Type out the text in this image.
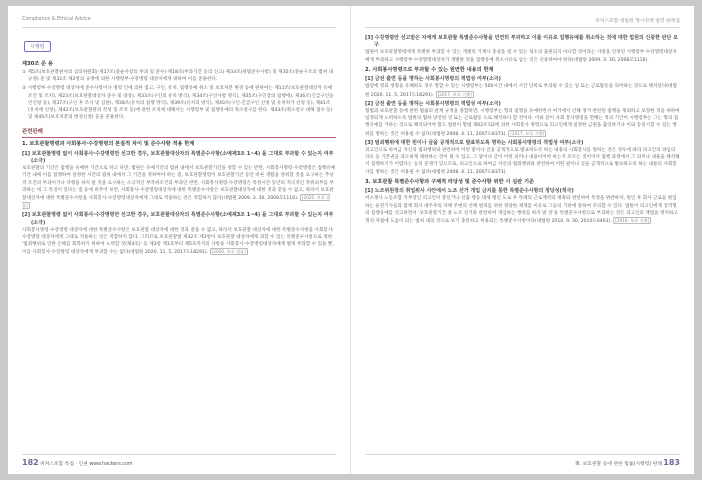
Compliance & Ethical Advice
시행령
제30조 준 용
① 제5조(보호관찰관서의 심의위원회)·제17조(중순사항의 부과 및 준수)·제18조(부과기간 등의 신고)·제33조(위법준수사항) 및 제35조(중순구조의 범위 내 규정) 준 및 제32조 제2항의 규정에 의한 시행령부·수강명령 대상자에게 대하여 이를 준용한다.
② 시행령부·수강명령 대상자에 준수사항이나 명령 인에 의한 접고, 구인, 유치, 집행유예 취소 및 보호처분 변경 등에 관하여는 제11조(보호관찰대상자 유예 조건 및 조치), 제23조(보호관찰대상자 준수 및 대상), 제33조(구인의 유치 방식), 제34조(구인사항 명식), 제35조(구인장의 집행에), 제36조(긴급구인승인신청 등), 제37조(구인 후 조사 및 심판), 제38조(유치의 집행 방식), 제39조(유치의 방식), 제40조(구인·긴급구인 신청 및 유치허가 신청 등), 제41조(유치에 신청), 제42조(보호관찰관의 작성 및 조치 등)에 관한 조치에 대해서는 시행령부 및 집행유예의 취소청구를 한다. 제43조(취소청구 대해 접수 등) 및 제45조(보호처분의 변경신청) 등을 준용한다.
관련판례
1. 보호관찰명령과 사회봉사·수강명령의 본질적 차이 및 준수사항 적용 한계
[1] 보호관찰명령 없이 사회봉사·수강명령만 선고한 경우, 보호관찰대상자의 특별준수사항(소예제3조 1~4) 을 그대로 부과할 수 있는지 여부(소극)
보호관찰의 기간은 집행을 유예한 기간으로 하고 다만, 법원은 유예기간의 범위 내에서 보호관찰기간을 정할 수 있는 반면, 사회봉사명령·수강명령은 집행유예기간 내에 이를 집행하여 일정한 시간의 범위 내에서 그 기간을 정하여야 하는 점, 보호관찰명령이 보호관찰기간 동안 바른 생활을 영위할 것을 요구하는 추상적 조건의 부과이거나 악행을 하지 말 것을 요구하는 소극적인 부작위조건의 부과인 반면, 사회봉사명령·수강명령은 특정시간 동안의 적극적인 작위의무를 부과하는 데 그 특징이 있다는 점 등에 비추어 보면, 사회봉사·수강명령대상자에 대한 특별준수사항은 보호관찰대상자에 대한 것과 같을 수 없고, 따라서 보호관찰대상자에 대한 특별준수사항을 사회봉사·수강명령대상자에게 그대로 적용하는 것은 적합하지 않다(대법원 2009. 3. 30, 2008모1116). [2020. 보호 법률]
[2] 보호관찰명령 없이 사회봉사·수강명령만 선고한 경우, 보호관찰대상자의 특별준수사항(소예제3조 1~4) 을 그대로 부과할 수 있는지 여부(소극)
사회봉사명령·수강명령 대상자에 대한 특별준수사항은 보호관찰 대상자에 대한 것과 같을 수 없고, 따라서 보호관찰 대상자에 대한 특별준수사항을 사회봉사·수강명령 대상자에게 그대로 적용하는 것은 적합하지 않다. 그러므로 보호관찰법 제32조 제3항이 보호관찰 대상자에게 과할 수 있는 특별준수사항으로 정한 '범죄행위로 인한 손해를 회복하기 위하여 노력할 것(제4호)' 등 제3항 제1호부터 제5호까지의 사항을 사회봉사·수강명령대상자에게 별개 부과할 수 있을 뿐, 이를 사회봉사·수강명령 대상자에게 부과할 수는 없다(대법원 2020. 11. 5, 2017도18291). [2020. 보호 법률]
182 위커스포함 특집 · 인권 www.hackers.com
위커스포함 대법원 형사정책 법령·판례집
[3] 수강명령만 선고받은 자에게 보호관찰 특별준수사항을 민연히 부과하고 이를 이유로 집행유예를 취소하는 것에 대한 법원의 신중한 판단 요구
법원이 보호관찰명령에게 특별한 부과할 수 있는 개별의 기재사 충실을 걸 수 있는 성소의 출원되지 아니할 것이라는 사항을 인정된 시행령부·수강명령대상자에게 부과하고 시행령부·수강명령대상자가 개별한 것을 집행유예 취소사유로 삼는 것은 신중하여야 한다(대법원 2009. 3. 30, 2008모1116).
2. 사회봉사명령으로 부과할 수 있는 원면한 내용의 한계
[1] 금전 출연 등을 명하는 사회봉사명령의 적법성 여부(소극)
법령에 명되 정형을 유해하도 경우 명할 수 있는 시행령부는 500시간 내에서 시간 단위로 부과될 수 있는 일 또는 근로활동을 의미하는 것으로 해석된다(대법원 2020. 11. 5, 2017도18291). [2017. 보호 기출]
[2] 금전 출연 등을 명하는 사회봉사명령의 적법성 여부(소극)
형법과 보호관찰 등에 관한 법률의 관계 규정을 종합하면, 시행령부는 형의 집행을 유예한면서 여기에서 인해 생겨 관련된 집행을 제외하고 보장한 적을 위하여 일정되게 노력하도록 법원의 협하 당연한 것 또는 근로활동 으로 해석하다 할 것이다. 이와 같이 사회 봉사명령을 면해는 적의 기간이 시행령부는 그는 형의 집행유예를 가하는 것으로 해석되어야 함도 법원이 형법 제62조의2에 의한 사회봉사 명령으로 피고인에게 일정한 금원을 출연하거나 이와 동일시할 수 있는 행위를 명하는 것은 허용될 수 없다(대법원 2008. 4. 11, 2007도8373). [2017. 보호 기출]
[3] 범죄행위에 대한 믿이나 글을 공개적으로 발표하도록 명하는 사회봉사명령의 적법성 여부(소극)
피고인으로 하여금 자신의 범죄행위와 관련하여 어떤 말이나 글을 공개적으로 발표하도록 하는 내용의 사회봉사를 명하는 것은 경우에 따라 피고인의 양심의 자유 등 기본권을 과도하게 제한하는 것이 될 수 있고, 그 말이나 글이 어떤 의미나 내용이어야 하는지 모르는 것이어서 집행 과정에서 그 의미나 내용을 해석해서 집행하기가 어렵다는 등의 문제가 있으므로, 피고인으로 하여금 자신의 범죄행위와 관련하여 어떤 말이나 글을 공개적으로 발표하도록 하는 내용의 사회봉사를 명하는 것은 허용될 수 없다(대법원 2008. 4. 11, 2007도8373).
3. 보호관찰 특별준수사항과 구체적 타당성 및 준수사항 위반 시 심판 기준
[1] 노조위원장의 취업위사 사안에서 노조 선거 개입 금지를 통한 특별준수사항의 정당성(적극)
여소쟁사 노동조합 지부장인 피고인이 총선거나 선출 행동 대제 행인 도로 후 특례의 근로계약과 제휴와 관련하여 특정을 위반하자, 원인 후 회사 근로들 편입하는 운전기사들과 함께 회사 대주주의 자택 주변의 선택 편의를 위한 정당한 제재를 이유로 그들의 기관에 통하여 주의할 수 있다. 법원이 피고인에게 징역형의 집행유예를 선고하면서 '보호관찰기간 중 노조 선거와 관련하여 개입하는 행위를 하지 말 것'을 특별준수사항으로 부과하는 것은 피고인의 재범을 방지하고 개선·자립에 도움이 되는 범위 내의 것으로 보기 충분하고 허용되는 특별준수사항이다(대법원 2010. 9. 30, 2010도6403). [2016. 보호 기출]
III. 보호관찰 등에 관한 법률(시행령) 판례 183
